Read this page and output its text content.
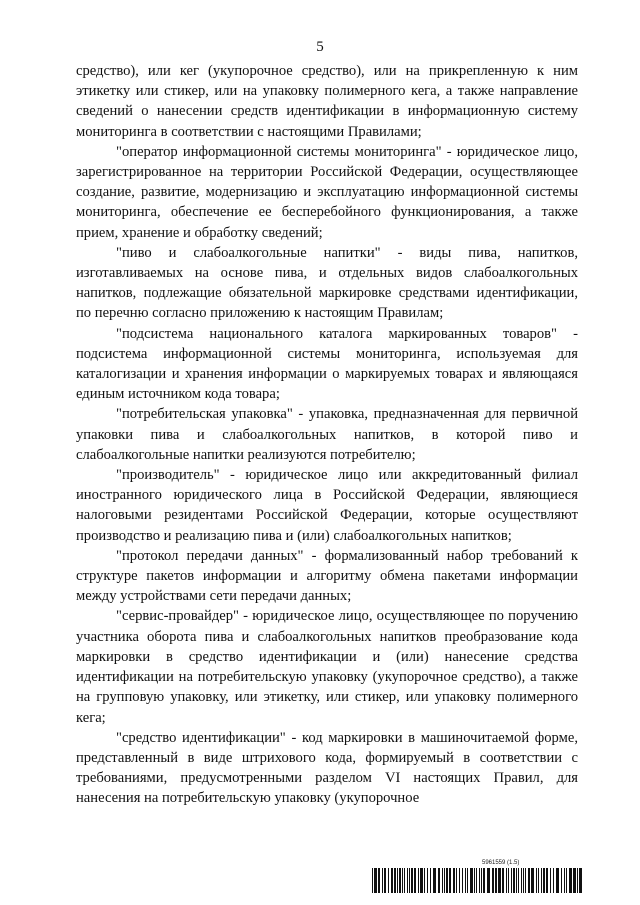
5

средство), или кег (укупорочное средство), или на прикрепленную к ним этикетку или стикер, или на упаковку полимерного кега, а также направление сведений о нанесении средств идентификации в информационную систему мониторинга в соответствии с настоящими Правилами;

"оператор информационной системы мониторинга" - юридическое лицо, зарегистрированное на территории Российской Федерации, осуществляющее создание, развитие, модернизацию и эксплуатацию информационной системы мониторинга, обеспечение ее бесперебойного функционирования, а также прием, хранение и обработку сведений;

"пиво и слабоалкогольные напитки" - виды пива, напитков, изготавливаемых на основе пива, и отдельных видов слабоалкогольных напитков, подлежащие обязательной маркировке средствами идентификации, по перечню согласно приложению к настоящим Правилам;

"подсистема национального каталога маркированных товаров" - подсистема информационной системы мониторинга, используемая для каталогизации и хранения информации о маркируемых товарах и являющаяся единым источником кода товара;

"потребительская упаковка" - упаковка, предназначенная для первичной упаковки пива и слабоалкогольных напитков, в которой пиво и слабоалкогольные напитки реализуются потребителю;

"производитель" - юридическое лицо или аккредитованный филиал иностранного юридического лица в Российской Федерации, являющиеся налоговыми резидентами Российской Федерации, которые осуществляют производство и реализацию пива и (или) слабоалкогольных напитков;

"протокол передачи данных" - формализованный набор требований к структуре пакетов информации и алгоритму обмена пакетами информации между устройствами сети передачи данных;

"сервис-провайдер" - юридическое лицо, осуществляющее по поручению участника оборота пива и слабоалкогольных напитков преобразование кода маркировки в средство идентификации и (или) нанесение средства идентификации на потребительскую упаковку (укупорочное средство), а также на групповую упаковку, или этикетку, или стикер, или упаковку полимерного кега;

"средство идентификации" - код маркировки в машиночитаемой форме, представленный в виде штрихового кода, формируемый в соответствии с требованиями, предусмотренными разделом VI настоящих Правил, для нанесения на потребительскую упаковку (укупорочное

5961559 (1.5)
